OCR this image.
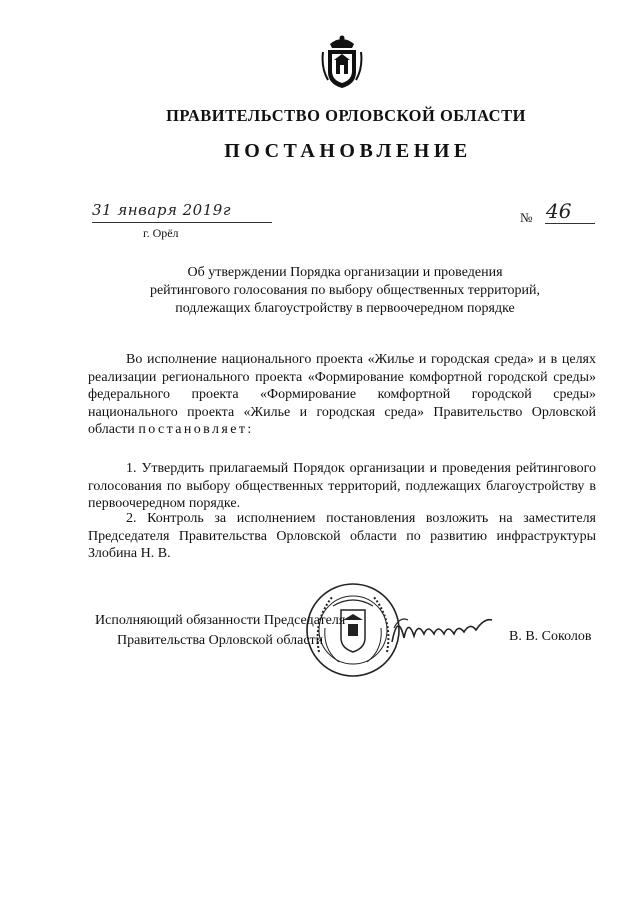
ПРАВИТЕЛЬСТВО ОРЛОВСКОЙ ОБЛАСТИ
ПОСТАНОВЛЕНИЕ
31 января 2019г
г. Орёл
№ 46
Об утверждении Порядка организации и проведения
рейтингового голосования по выбору общественных территорий,
подлежащих благоустройству в первоочередном порядке
Во исполнение национального проекта «Жилье и городская среда» и в целях реализации регионального проекта «Формирование комфортной городской среды» федерального проекта «Формирование комфортной городской среды» национального проекта «Жилье и городская среда» Правительство Орловской области постановляет:
1. Утвердить прилагаемый Порядок организации и проведения рейтингового голосования по выбору общественных территорий, подлежащих благоустройству в первоочередном порядке.
2. Контроль за исполнением постановления возложить на заместителя Председателя Правительства Орловской области по развитию инфраструктуры Злобина Н. В.
Исполняющий обязанности Председателя
Правительства Орловской области	В. В. Соколов
